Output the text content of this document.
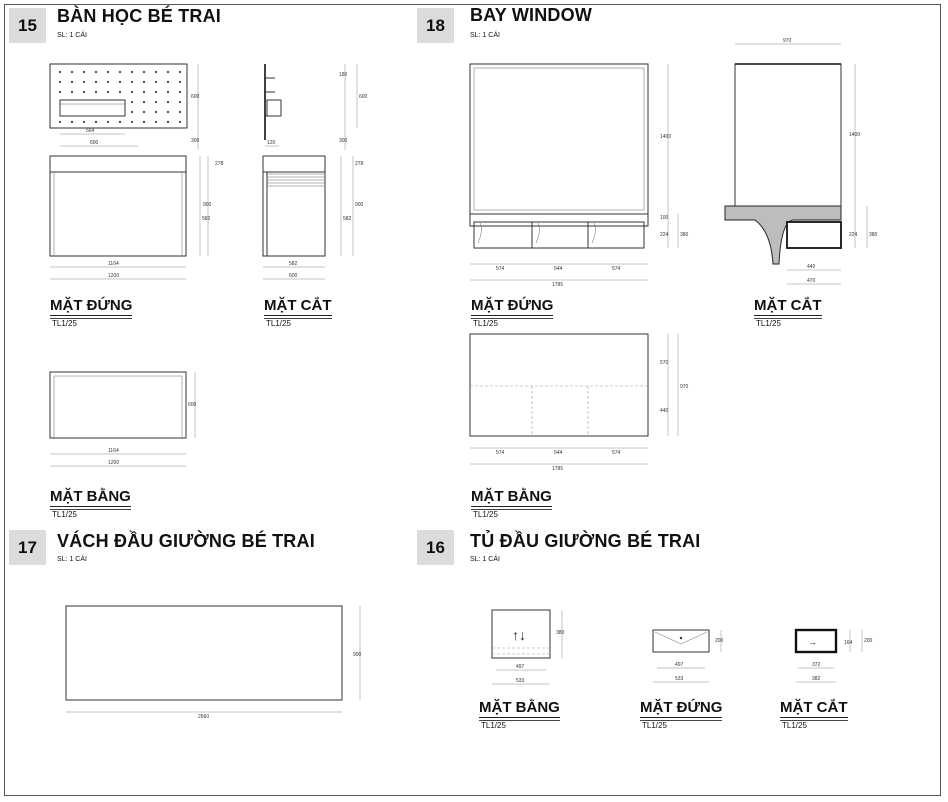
15	BÀN HỌC BÉ TRAI
SL: 1 CÁI
564
600
600
300
1164
1200
582
900
278
120
180
600
300
582
600
582
900
278
MẶT ĐỨNG
TL1/25
MẶT CẮT
TL1/25
1164
1200
600
MẶT BẰNG
TL1/25
18	BAY WINDOW
SL: 1 CÁI
574	544	574
1785
1400
100
224 380
970
440
470
1400
224 380
MẶT ĐỨNG
TL1/25
MẶT CẮT
TL1/25
574	544	574
1785
570
440
970
MẶT BẰNG
TL1/25
17	VÁCH ĐẦU GIƯỜNG BÉ TRAI
SL: 1 CÁI
2660
900
16	TỦ ĐẦU GIƯỜNG BÉ TRAI
SL: 1 CÁI
↑↓
497
533
380
497
533
200	→
372
382
164 200
MẶT BẰNG
TL1/25
MẶT ĐỨNG
TL1/25
MẶT CẮT
TL1/25
